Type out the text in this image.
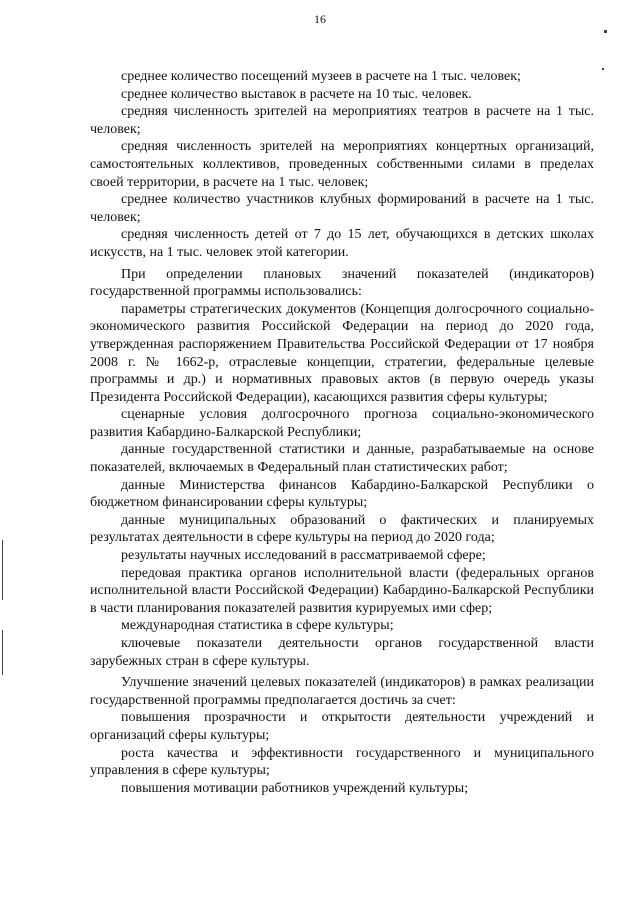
16

среднее количество посещений музеев в расчете на 1 тыс. человек;

среднее количество выставок в расчете на 10 тыс. человек.

средняя численность зрителей на мероприятиях театров в расчете на 1 тыс. человек;

средняя численность зрителей на мероприятиях концертных организаций, самостоятельных коллективов, проведенных собственными силами в пределах своей территории, в расчете на 1 тыс. человек;

среднее количество участников клубных формирований в расчете на 1 тыс. человек;

средняя численность детей от 7 до 15 лет, обучающихся в детских школах искусств, на 1 тыс. человек этой категории.

При определении плановых значений показателей (индикаторов) государственной программы использовались:

параметры стратегических документов (Концепция долгосрочного социально-экономического развития Российской Федерации на период до 2020 года, утвержденная распоряжением Правительства Российской Федерации от 17 ноября 2008 г. № 1662-р, отраслевые концепции, стратегии, федеральные целевые программы и др.) и нормативных правовых актов (в первую очередь указы Президента Российской Федерации), касающихся развития сферы культуры;

сценарные условия долгосрочного прогноза социально-экономического развития Кабардино-Балкарской Республики;

данные государственной статистики и данные, разрабатываемые на основе показателей, включаемых в Федеральный план статистических работ;

данные Министерства финансов Кабардино-Балкарской Республики о бюджетном финансировании сферы культуры;

данные муниципальных образований о фактических и планируемых результатах деятельности в сфере культуры на период до 2020 года;

результаты научных исследований в рассматриваемой сфере;

передовая практика органов исполнительной власти (федеральных органов исполнительной власти Российской Федерации) Кабардино-Балкарской Республики в части планирования показателей развития курируемых ими сфер;

международная статистика в сфере культуры;

ключевые показатели деятельности органов государственной власти зарубежных стран в сфере культуры.

Улучшение значений целевых показателей (индикаторов) в рамках реализации государственной программы предполагается достичь за счет:

повышения прозрачности и открытости деятельности учреждений и организаций сферы культуры;

роста качества и эффективности государственного и муниципального управления в сфере культуры;

повышения мотивации работников учреждений культуры;
